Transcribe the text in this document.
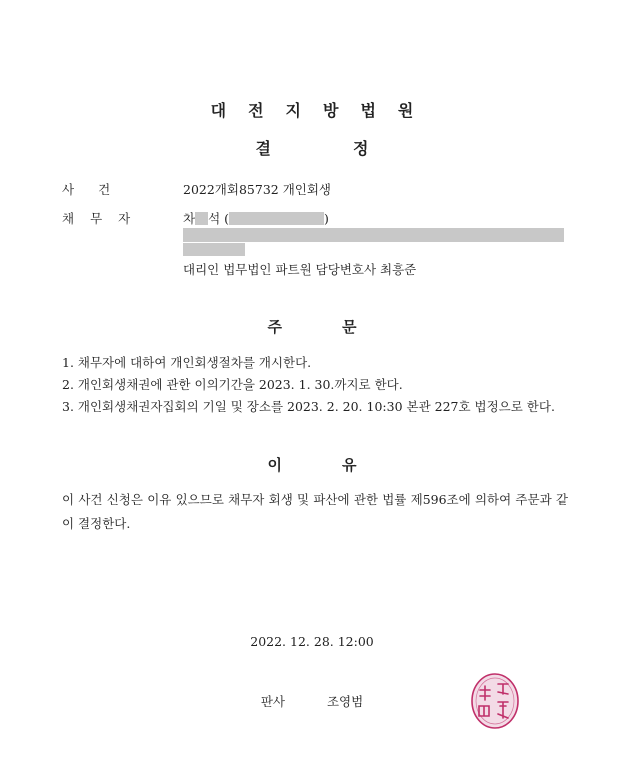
대전지방법원
결정
사건	2022개회85732 개인회생
채무자	차 석 (	)
대리인 법무법인 파트원 담당변호사 최흥준
주문
1. 채무자에 대하여 개인회생절차를 개시한다.
2. 개인회생채권에 관한 이의기간을 2023. 1. 30.까지로 한다.
3. 개인회생채권자집회의 기일 및 장소를 2023. 2. 20. 10:30 본관 227호 법정으로 한다.
이유
이 사건 신청은 이유 있으므로 채무자 회생 및 파산에 관한 법률 제596조에 의하여 주문과 같이 결정한다.
2022. 12. 28. 12:00
판사	조영범
